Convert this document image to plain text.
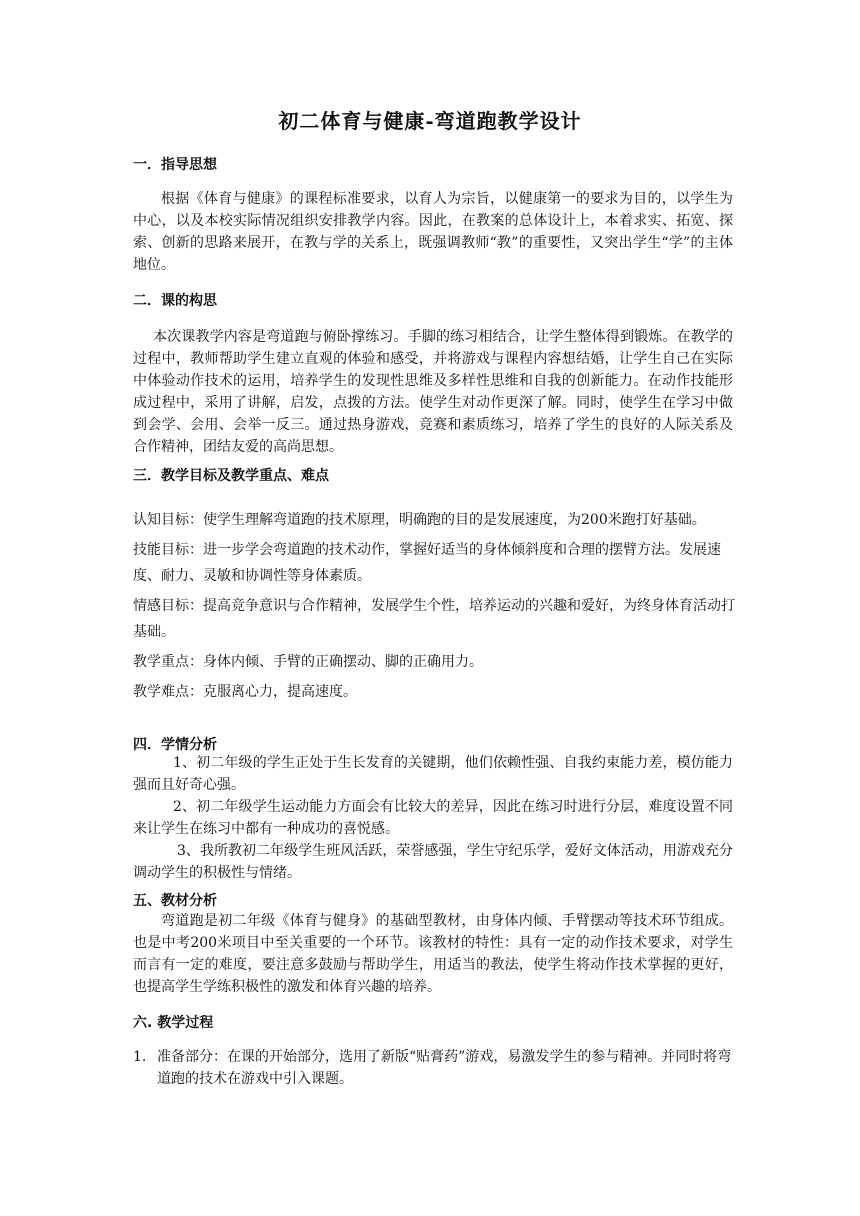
初二体育与健康-弯道跑教学设计
一．指导思想
根据《体育与健康》的课程标准要求，以育人为宗旨，以健康第一的要求为目的，以学生为中心，以及本校实际情况组织安排教学内容。因此，在教案的总体设计上，本着求实、拓宽、探索、创新的思路来展开，在教与学的关系上，既强调教师“教”的重要性，又突出学生“学”的主体地位。
二．课的构思
本次课教学内容是弯道跑与俯卧撑练习。手脚的练习相结合，让学生整体得到锻炼。在教学的过程中，教师帮助学生建立直观的体验和感受，并将游戏与课程内容想结婚，让学生自己在实际中体验动作技术的运用，培养学生的发现性思维及多样性思维和自我的创新能力。在动作技能形成过程中，采用了讲解，启发，点拨的方法。使学生对动作更深了解。同时，使学生在学习中做到会学、会用、会举一反三。通过热身游戏，竞赛和素质练习，培养了学生的良好的人际关系及合作精神，团结友爱的高尚思想。
三．教学目标及教学重点、难点
认知目标：使学生理解弯道跑的技术原理，明确跑的目的是发展速度，为200米跑打好基础。
技能目标：进一步学会弯道跑的技术动作，掌握好适当的身体倾斜度和合理的摆臂方法。发展速度、耐力、灵敏和协调性等身体素质。
情感目标：提高竞争意识与合作精神，发展学生个性，培养运动的兴趣和爱好，为终身体育活动打基础。
教学重点：身体内倾、手臂的正确摆动、脚的正确用力。
教学难点：克服离心力，提高速度。
四．学情分析
1、初二年级的学生正处于生长发育的关键期，他们依赖性强、自我约束能力差，模仿能力强而且好奇心强。
2、初二年级学生运动能力方面会有比较大的差异，因此在练习时进行分层，难度设置不同来让学生在练习中都有一种成功的喜悦感。
3、我所教初二年级学生班风活跃，荣誉感强，学生守纪乐学，爱好文体活动，用游戏充分调动学生的积极性与情绪。
五、教材分析
弯道跑是初二年级《体育与健身》的基础型教材，由身体内倾、手臂摆动等技术环节组成。也是中考200米项目中至关重要的一个环节。该教材的特性：具有一定的动作技术要求，对学生而言有一定的难度，要注意多鼓励与帮助学生，用适当的教法，使学生将动作技术掌握的更好，也提高学生学练积极性的激发和体育兴趣的培养。
六. 教学过程
1. 准备部分：在课的开始部分，选用了新版“贴膏药”游戏，易激发学生的参与精神。并同时将弯道跑的技术在游戏中引入课题。
